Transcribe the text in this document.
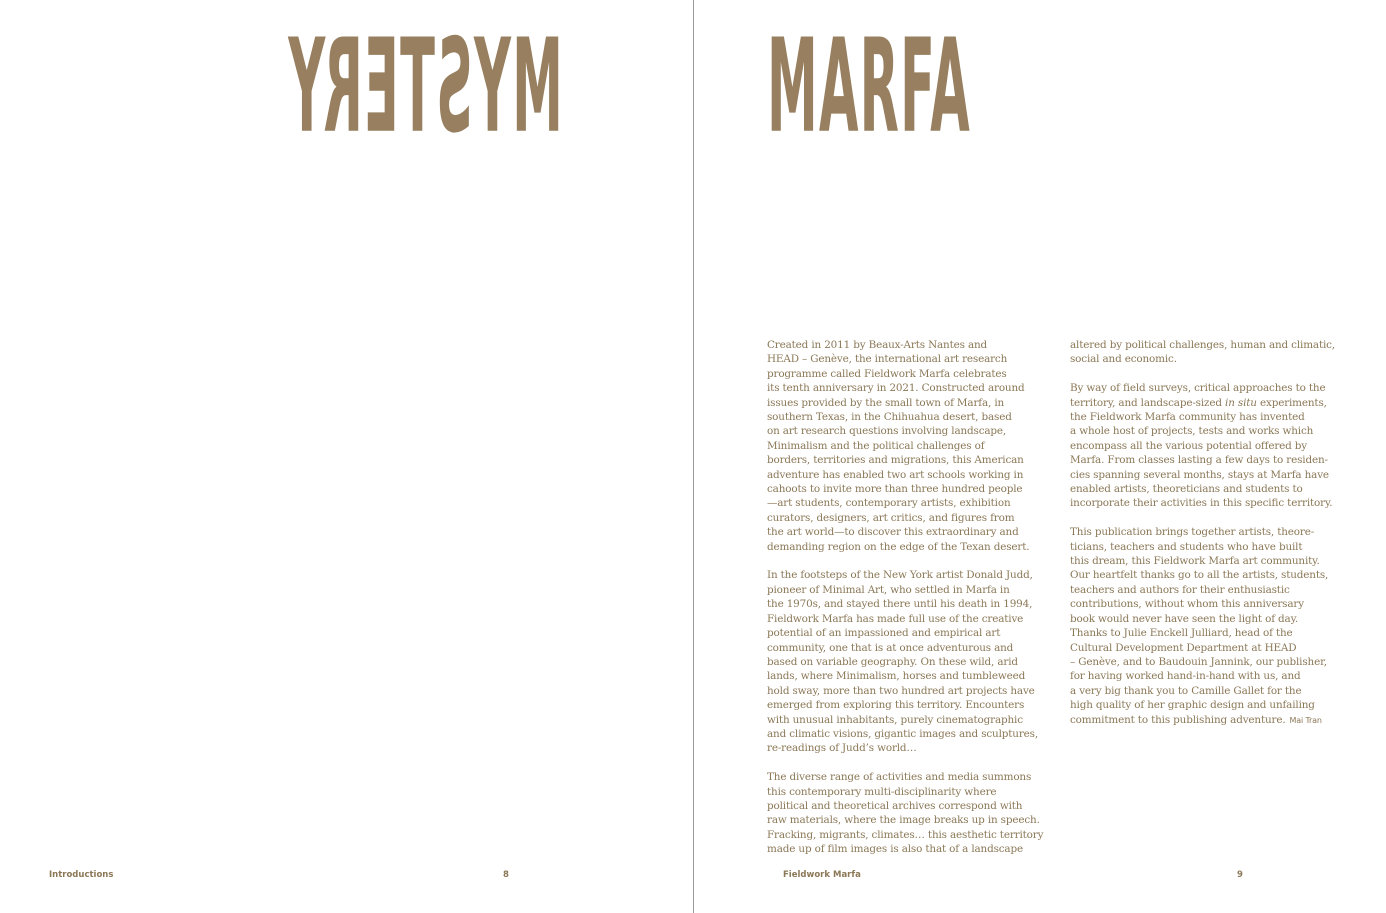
MYSTERY
Introductions	8
MARFA

Created in 2011 by Beaux-Arts Nantes and
HEAD – Genève, the international art research
programme called Fieldwork Marfa celebrates
its tenth anniversary in 2021. Constructed around
issues provided by the small town of Marfa, in
southern Texas, in the Chihuahua desert, based
on art research questions involving landscape,
Minimalism and the political challenges of
borders, territories and migrations, this American
adventure has enabled two art schools working in
cahoots to invite more than three hundred people
—art students, contemporary artists, exhibition
curators, designers, art critics, and figures from
the art world—to discover this extraordinary and
demanding region on the edge of the Texan desert.

In the footsteps of the New York artist Donald Judd,
pioneer of Minimal Art, who settled in Marfa in
the 1970s, and stayed there until his death in 1994,
Fieldwork Marfa has made full use of the creative
potential of an impassioned and empirical art
community, one that is at once adventurous and
based on variable geography. On these wild, arid
lands, where Minimalism, horses and tumbleweed
hold sway, more than two hundred art projects have
emerged from exploring this territory. Encounters
with unusual inhabitants, purely cinematographic
and climatic visions, gigantic images and sculptures,
re-readings of Judd’s world…

The diverse range of activities and media summons
this contemporary multi-disciplinarity where
political and theoretical archives correspond with
raw materials, where the image breaks up in speech.
Fracking, migrants, climates… this aesthetic territory
made up of film images is also that of a landscape

altered by political challenges, human and climatic,
social and economic.

By way of field surveys, critical approaches to the
territory, and landscape-sized in situ experiments,
the Fieldwork Marfa community has invented
a whole host of projects, tests and works which
encompass all the various potential offered by
Marfa. From classes lasting a few days to residen-
cies spanning several months, stays at Marfa have
enabled artists, theoreticians and students to
incorporate their activities in this specific territory.

This publication brings together artists, theore-
ticians, teachers and students who have built
this dream, this Fieldwork Marfa art community.
Our heartfelt thanks go to all the artists, students,
teachers and authors for their enthusiastic
contributions, without whom this anniversary
book would never have seen the light of day.
Thanks to Julie Enckell Julliard, head of the
Cultural Development Department at HEAD
– Genève, and to Baudouin Jannink, our publisher,
for having worked hand-in-hand with us, and
a very big thank you to Camille Gallet for the
high quality of her graphic design and unfailing
commitment to this publishing adventure. Mai Tran

Fieldwork Marfa	9
